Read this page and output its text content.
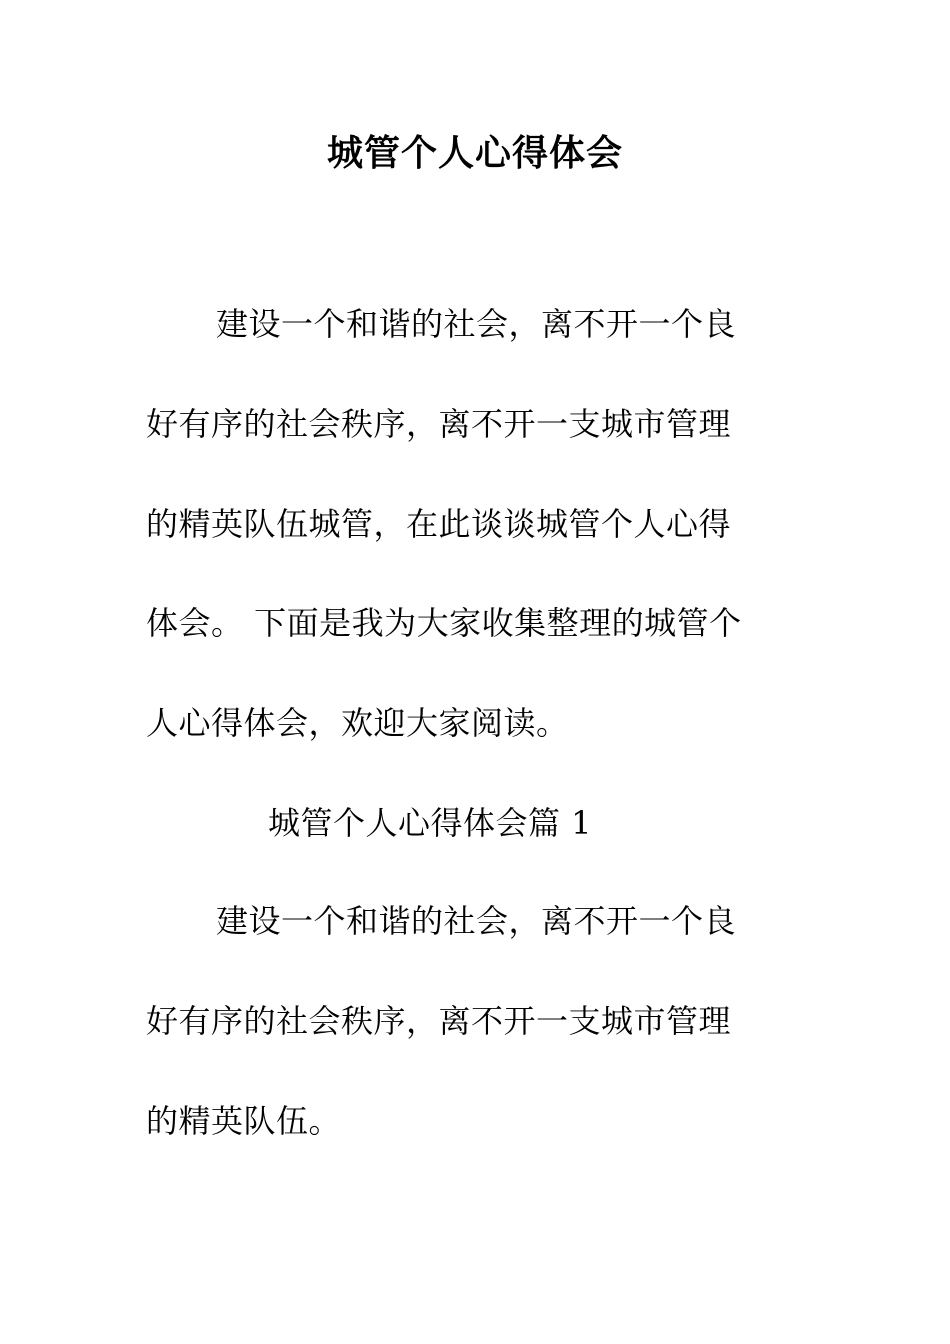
城管个人心得体会
建设一个和谐的社会，离不开一个良
好有序的社会秩序，离不开一支城市管理
的精英队伍城管，在此谈谈城管个人心得
体会。 下面是我为大家收集整理的城管个
人心得体会，欢迎大家阅读。
城管个人心得体会篇 1
建设一个和谐的社会，离不开一个良
好有序的社会秩序，离不开一支城市管理
的精英队伍。
